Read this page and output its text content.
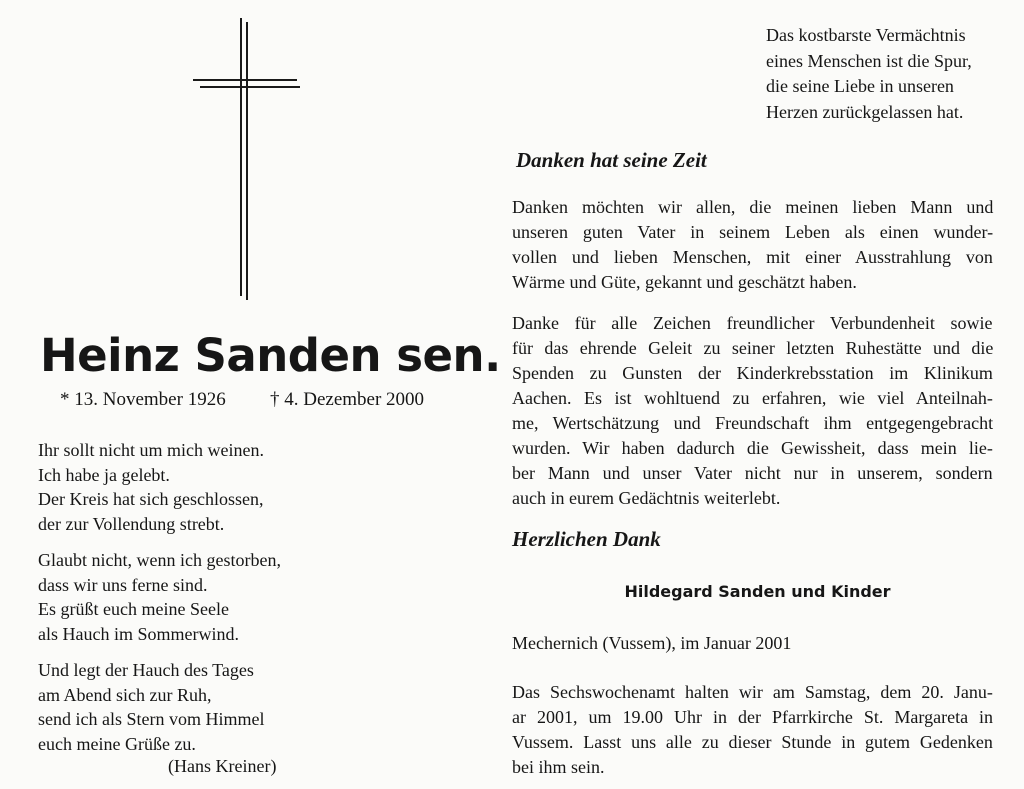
Heinz Sanden sen.
* 13. November 1926 † 4. Dezember 2000
Ihr sollt nicht um mich weinen.
Ich habe ja gelebt.
Der Kreis hat sich geschlossen,
der zur Vollendung strebt.
Glaubt nicht, wenn ich gestorben,
dass wir uns ferne sind.
Es grüßt euch meine Seele
als Hauch im Sommerwind.
Und legt der Hauch des Tages
am Abend sich zur Ruh,
send ich als Stern vom Himmel
euch meine Grüße zu.
(Hans Kreiner)
Das kostbarste Vermächtnis
eines Menschen ist die Spur,
die seine Liebe in unseren
Herzen zurückgelassen hat.
Danken hat seine Zeit
Danken möchten wir allen, die meinen lieben Mann und
unseren guten Vater in seinem Leben als einen wunder-
vollen und lieben Menschen, mit einer Ausstrahlung von
Wärme und Güte, gekannt und geschätzt haben.
Danke für alle Zeichen freundlicher Verbundenheit sowie
für das ehrende Geleit zu seiner letzten Ruhestätte und die
Spenden zu Gunsten der Kinderkrebsstation im Klinikum
Aachen. Es ist wohltuend zu erfahren, wie viel Anteilnah-
me, Wertschätzung und Freundschaft ihm entgegengebracht
wurden. Wir haben dadurch die Gewissheit, dass mein lie-
ber Mann und unser Vater nicht nur in unserem, sondern
auch in eurem Gedächtnis weiterlebt.
Herzlichen Dank
Hildegard Sanden und Kinder
Mechernich (Vussem), im Januar 2001
Das Sechswochenamt halten wir am Samstag, dem 20. Janu-
ar 2001, um 19.00 Uhr in der Pfarrkirche St. Margareta in
Vussem. Lasst uns alle zu dieser Stunde in gutem Gedenken
bei ihm sein.
